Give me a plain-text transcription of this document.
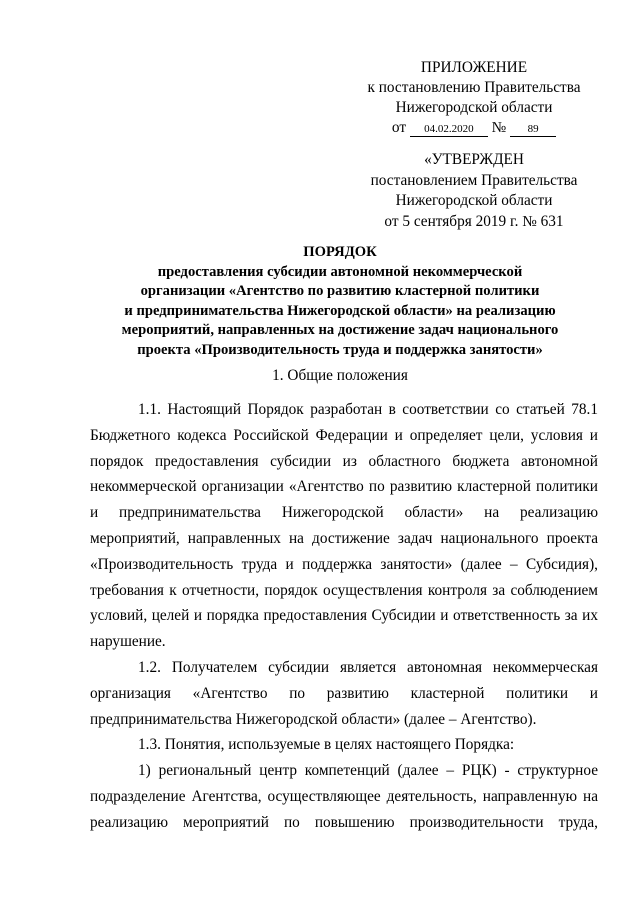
ПРИЛОЖЕНИЕ
к постановлению Правительства
Нижегородской области
от 04.02.2020 № 89
«УТВЕРЖДЕН
постановлением Правительства
Нижегородской области
от 5 сентября 2019 г. № 631
ПОРЯДОК
предоставления субсидии автономной некоммерческой
организации «Агентство по развитию кластерной политики
и предпринимательства Нижегородской области» на реализацию
мероприятий, направленных на достижение задач национального
проекта «Производительность труда и поддержка занятости»
1. Общие положения

1.1. Настоящий Порядок разработан в соответствии со статьей 78.1 Бюджетного кодекса Российской Федерации и определяет цели, условия и порядок предоставления субсидии из областного бюджета автономной некоммерческой организации «Агентство по развитию кластерной политики и предпринимательства Нижегородской области» на реализацию мероприятий, направленных на достижение задач национального проекта «Производительность труда и поддержка занятости» (далее – Субсидия), требования к отчетности, порядок осуществления контроля за соблюдением условий, целей и порядка предоставления Субсидии и ответственность за их нарушение.

1.2. Получателем субсидии является автономная некоммерческая организация «Агентство по развитию кластерной политики и предпринимательства Нижегородской области» (далее – Агентство).

1.3. Понятия, используемые в целях настоящего Порядка:

1) региональный центр компетенций (далее – РЦК) - структурное подразделение Агентства, осуществляющее деятельность, направленную на реализацию мероприятий по повышению производительности труда,
